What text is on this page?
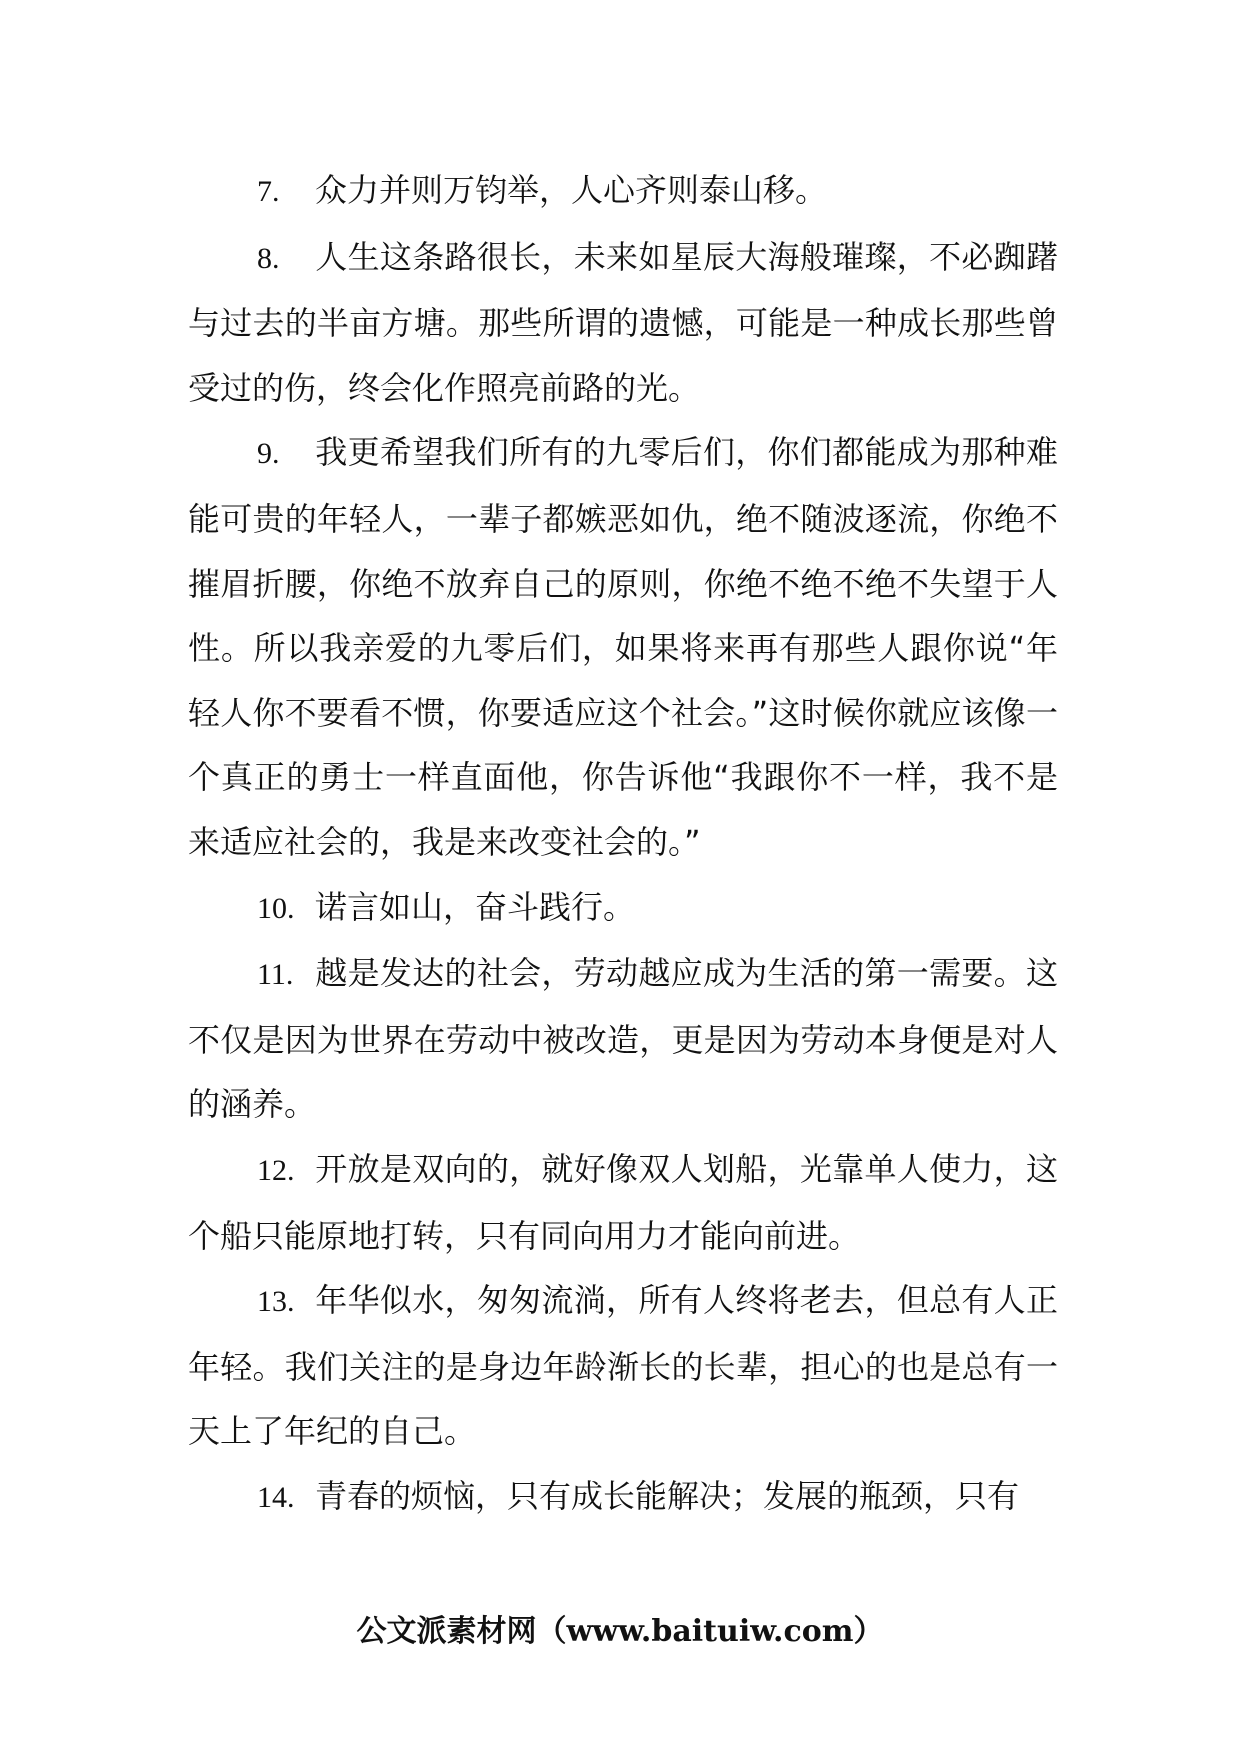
7. 众力并则万钧举，人心齐则泰山移。

8. 人生这条路很长，未来如星辰大海般璀璨，不必踟躇与过去的半亩方塘。那些所谓的遗憾，可能是一种成长那些曾受过的伤，终会化作照亮前路的光。

9. 我更希望我们所有的九零后们，你们都能成为那种难能可贵的年轻人，一辈子都嫉恶如仇，绝不随波逐流，你绝不摧眉折腰，你绝不放弃自己的原则，你绝不绝不绝不失望于人性。所以我亲爱的九零后们，如果将来再有那些人跟你说“年轻人你不要看不惯，你要适应这个社会。”这时候你就应该像一个真正的勇士一样直面他，你告诉他“我跟你不一样，我不是来适应社会的，我是来改变社会的。”

10. 诺言如山，奋斗践行。

11. 越是发达的社会，劳动越应成为生活的第一需要。这不仅是因为世界在劳动中被改造，更是因为劳动本身便是对人的涵养。

12. 开放是双向的，就好像双人划船，光靠单人使力，这个船只能原地打转，只有同向用力才能向前进。

13. 年华似水，匆匆流淌，所有人终将老去，但总有人正年轻。我们关注的是身边年龄渐长的长辈，担心的也是总有一天上了年纪的自己。

14. 青春的烦恼，只有成长能解决；发展的瓶颈，只有

公文派素材网（www.baituiw.com）
